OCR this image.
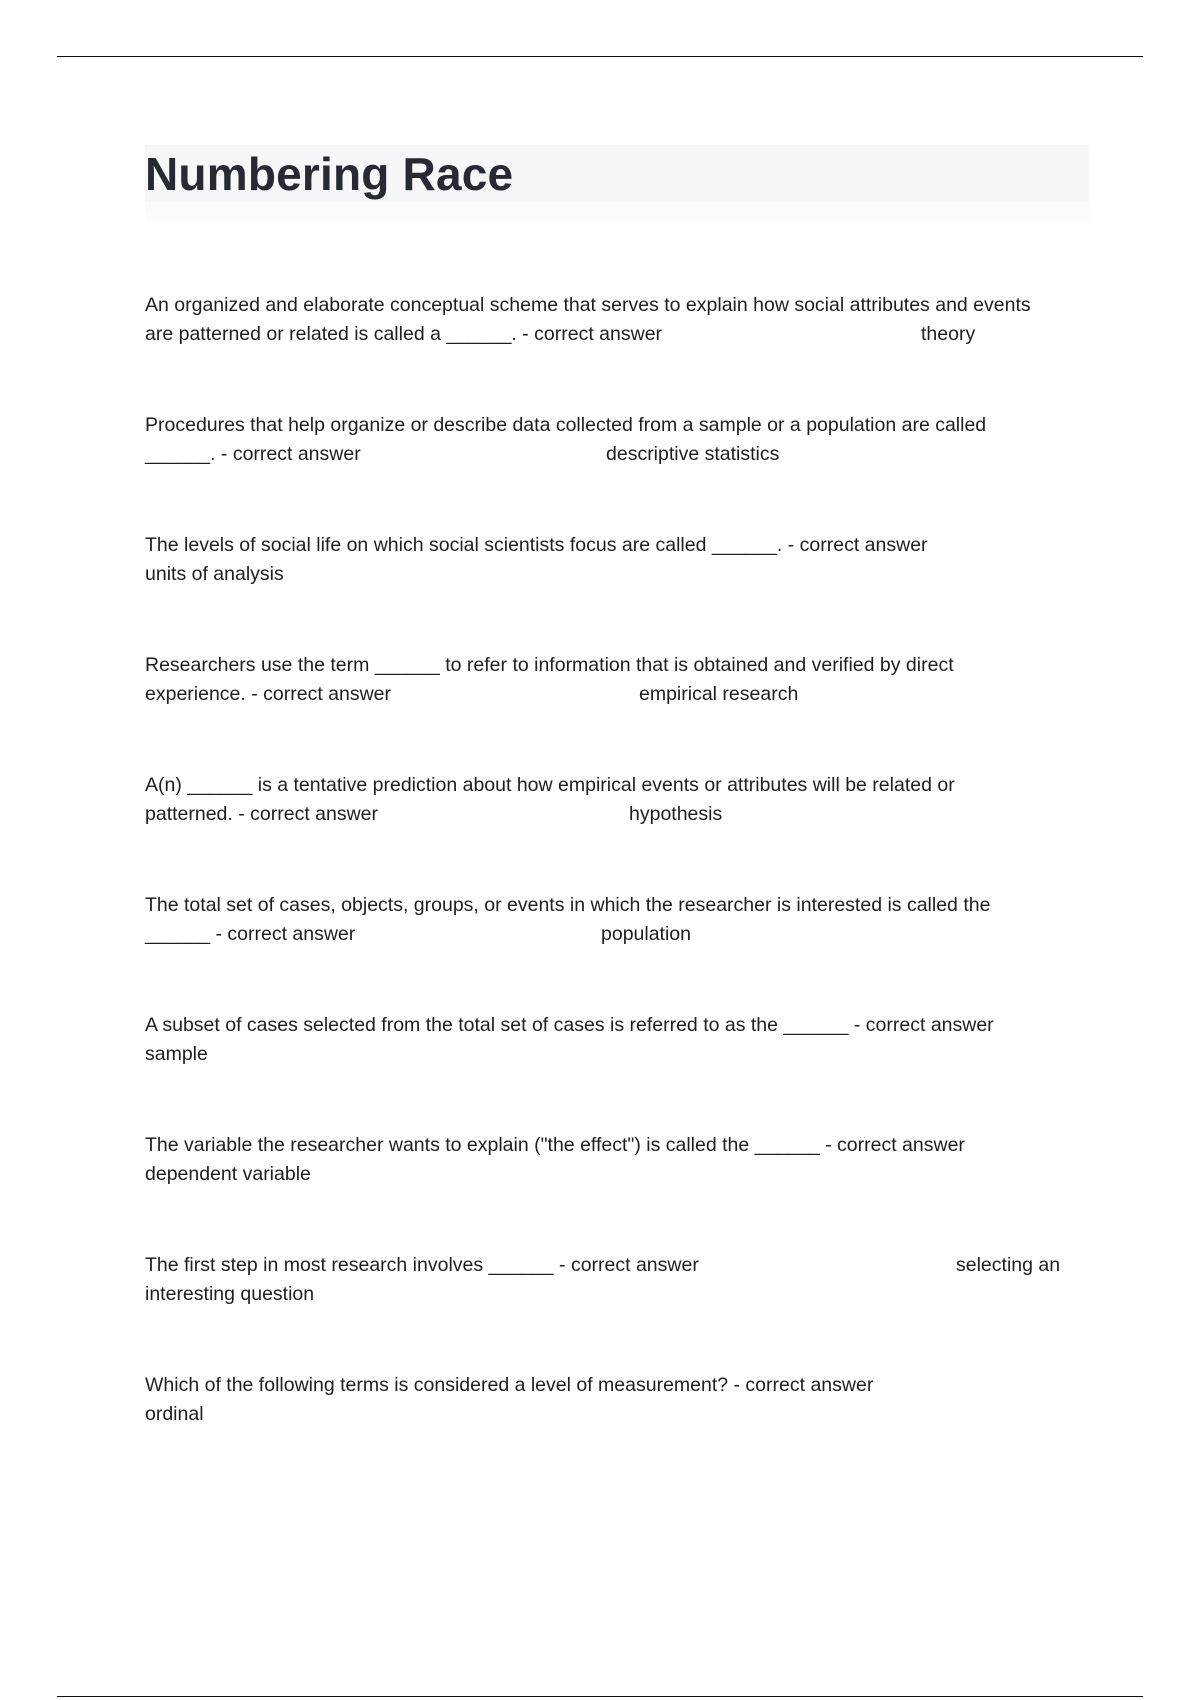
Numbering Race
An organized and elaborate conceptual scheme that serves to explain how social attributes and events
are patterned or related is called a ______. - correct answer	theory
Procedures that help organize or describe data collected from a sample or a population are called
______. - correct answer	descriptive statistics
The levels of social life on which social scientists focus are called ______. - correct answer
units of analysis
Researchers use the term ______ to refer to information that is obtained and verified by direct
experience. - correct answer	empirical research
A(n) ______ is a tentative prediction about how empirical events or attributes will be related or
patterned. - correct answer	hypothesis
The total set of cases, objects, groups, or events in which the researcher is interested is called the
______ - correct answer	population
A subset of cases selected from the total set of cases is referred to as the ______ - correct answer
sample
The variable the researcher wants to explain ("the effect") is called the ______ - correct answer
dependent variable
The first step in most research involves ______ - correct answer	selecting an
interesting question
Which of the following terms is considered a level of measurement? - correct answer
ordinal
